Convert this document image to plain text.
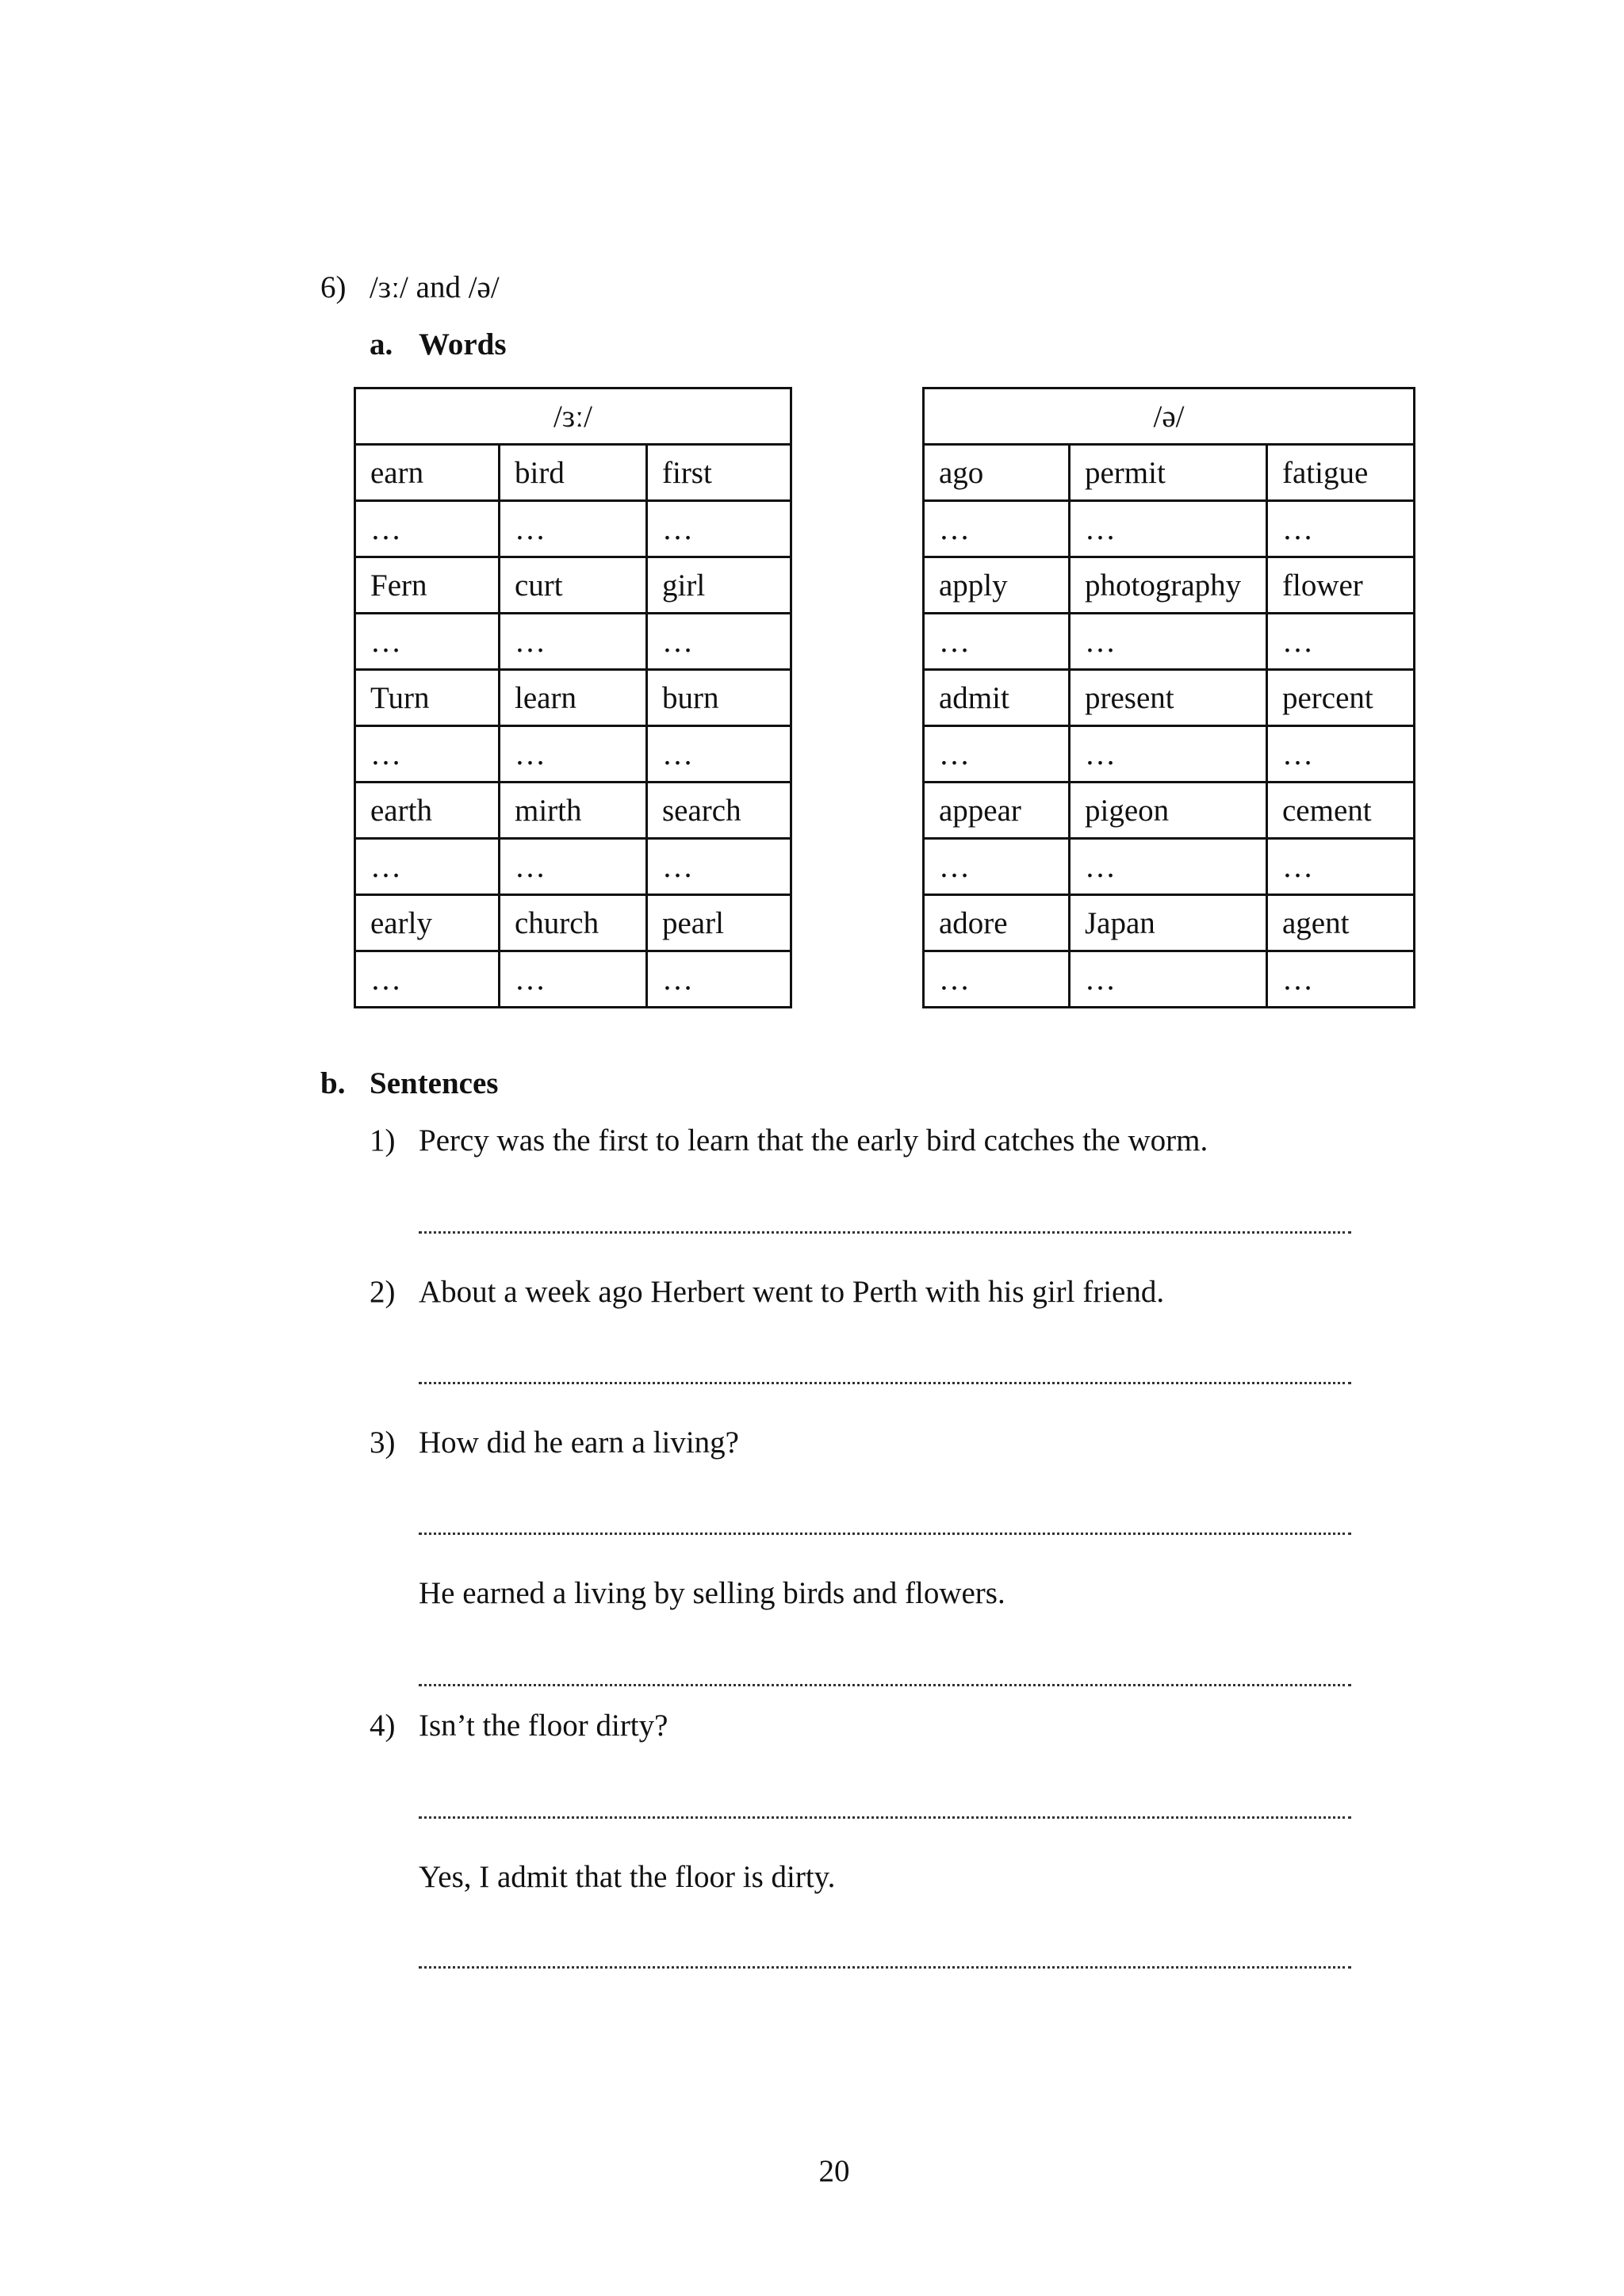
6) /ɜː/ and /ə/
a. Words
/ɜː/		
earn	bird	first
…	…	…
Fern	curt	girl
…	…	…
Turn	learn	burn
…	…	…
earth	mirth	search
…	…	…
early	church	pearl
…	…	…
/ə/		
ago	permit	fatigue
…	…	…
apply	photography	flower
…	…	…
admit	present	percent
…	…	…
appear	pigeon	cement
…	…	…
adore	Japan	agent
…	…	…
b. Sentences
1) Percy was the first to learn that the early bird catches the worm.
2) About a week ago Herbert went to Perth with his girl friend.
3) How did he earn a living?
He earned a living by selling birds and flowers.
4) Isn’t the floor dirty?
Yes, I admit that the floor is dirty.
20
